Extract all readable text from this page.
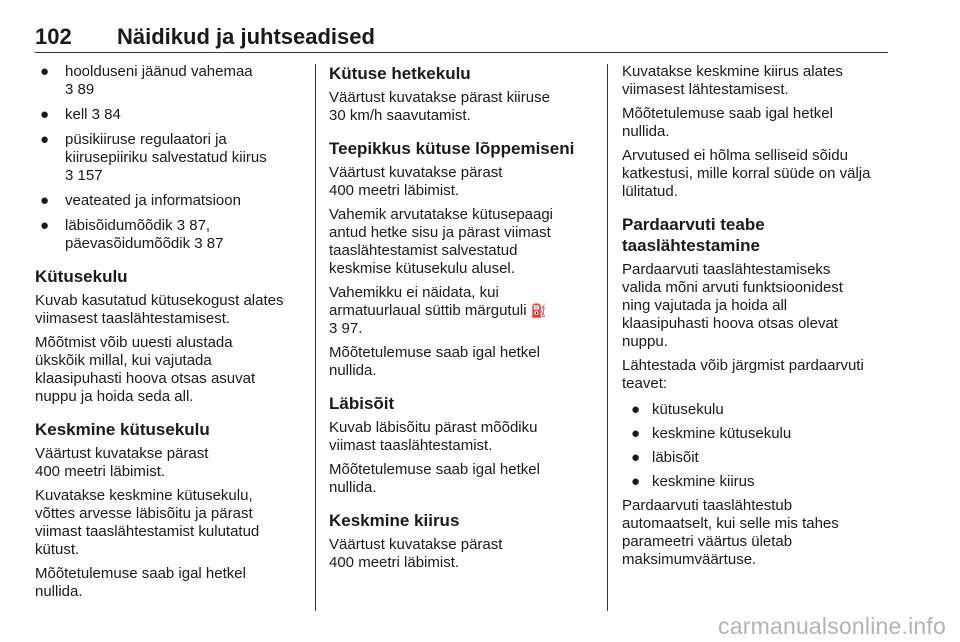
102 Näidikud ja juhtseadised
● hoolduseni jäänud vahemaa
3 89
● kell 3 84
● püsikiiruse regulaatori ja
kiirusepiiriku salvestatud kiirus
3 157
● veateated ja informatsioon
● läbisõidumõõdik 3 87,
päevasõidumõõdik 3 87
Kütusekulu

Kuvab kasutatud kütusekogust alates
viimasest taaslähtestamisest.

Mõõtmist võib uuesti alustada
ükskõik millal, kui vajutada
klaasipuhasti hoova otsas asuvat
nuppu ja hoida seda all.

Keskmine kütusekulu

Väärtust kuvatakse pärast
400 meetri läbimist.

Kuvatakse keskmine kütusekulu,
võttes arvesse läbisõitu ja pärast
viimast taaslähtestamist kulutatud
kütust.

Mõõtetulemuse saab igal hetkel
nullida.

Kütuse hetkekulu

Väärtust kuvatakse pärast kiiruse
30 km/h saavutamist.

Teepikkus kütuse lõppemiseni

Väärtust kuvatakse pärast
400 meetri läbimist.

Vahemik arvutatakse kütusepaagi
antud hetke sisu ja pärast viimast
taaslähtestamist salvestatud
keskmise kütusekulu alusel.

Vahemikku ei näidata, kui
armatuurlaual süttib märgutuli ⛽
3 97.

Mõõtetulemuse saab igal hetkel
nullida.

Läbisõit

Kuvab läbisõitu pärast mõõdiku
viimast taaslähtestamist.

Mõõtetulemuse saab igal hetkel
nullida.

Keskmine kiirus

Väärtust kuvatakse pärast
400 meetri läbimist.

Kuvatakse keskmine kiirus alates
viimasest lähtestamisest.

Mõõtetulemuse saab igal hetkel
nullida.

Arvutused ei hõlma selliseid sõidu
katkestusi, mille korral süüde on välja
lülitatud.

Pardaarvuti teabe
taaslähtestamine

Pardaarvuti taaslähtestamiseks
valida mõni arvuti funktsioonidest
ning vajutada ja hoida all
klaasipuhasti hoova otsas olevat
nuppu.

Lähtestada võib järgmist pardaarvuti
teavet:

● kütusekulu
● keskmine kütusekulu
● läbisõit
● keskmine kiirus

Pardaarvuti taaslähtestub
automaatselt, kui selle mis tahes
parameetri väärtus ületab
maksimumväärtuse.

carmanualsonline.info
